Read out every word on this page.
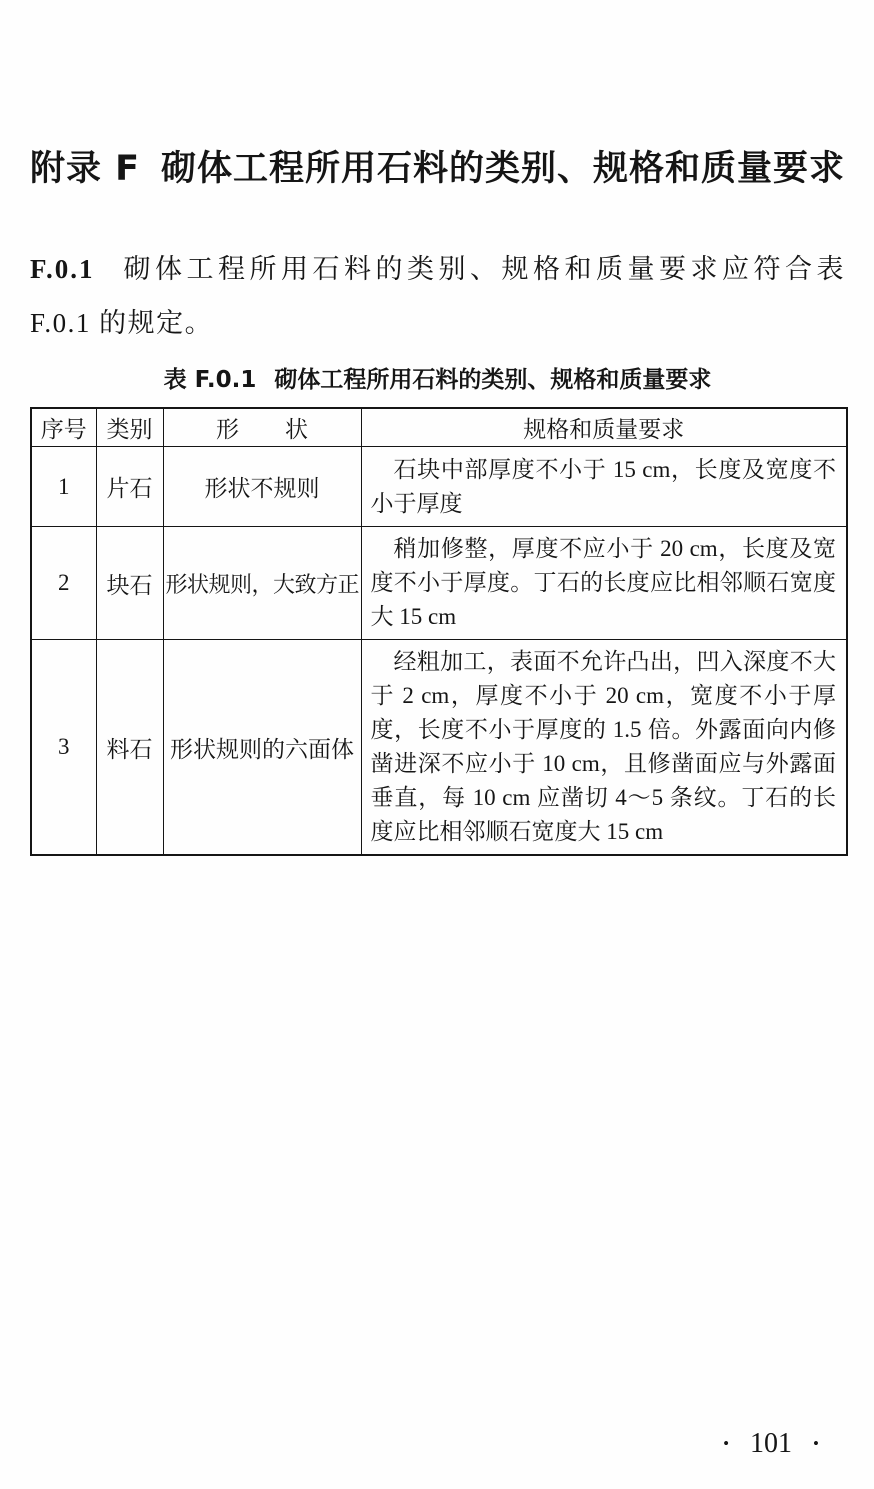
附录 F 砌体工程所用石料的类别、规格和质量要求

F.0.1 砌体工程所用石料的类别、规格和质量要求应符合表 F.0.1 的规定。

表 F.0.1 砌体工程所用石料的类别、规格和质量要求
序号	类别	形　　状	规格和质量要求
1	片石	形状不规则	石块中部厚度不小于 15 cm，长度及宽度不小于厚度
2	块石	形状规则，大致方正	稍加修整，厚度不应小于 20 cm，长度及宽度不小于厚度。丁石的长度应比相邻顺石宽度大 15 cm
3	料石	形状规则的六面体	经粗加工，表面不允许凸出，凹入深度不大于 2 cm，厚度不小于 20 cm，宽度不小于厚度，长度不小于厚度的 1.5 倍。外露面向内修凿进深不应小于 10 cm，且修凿面应与外露面垂直，每 10 cm 应凿切 4～5 条纹。丁石的长度应比相邻顺石宽度大 15 cm
• 101 •
